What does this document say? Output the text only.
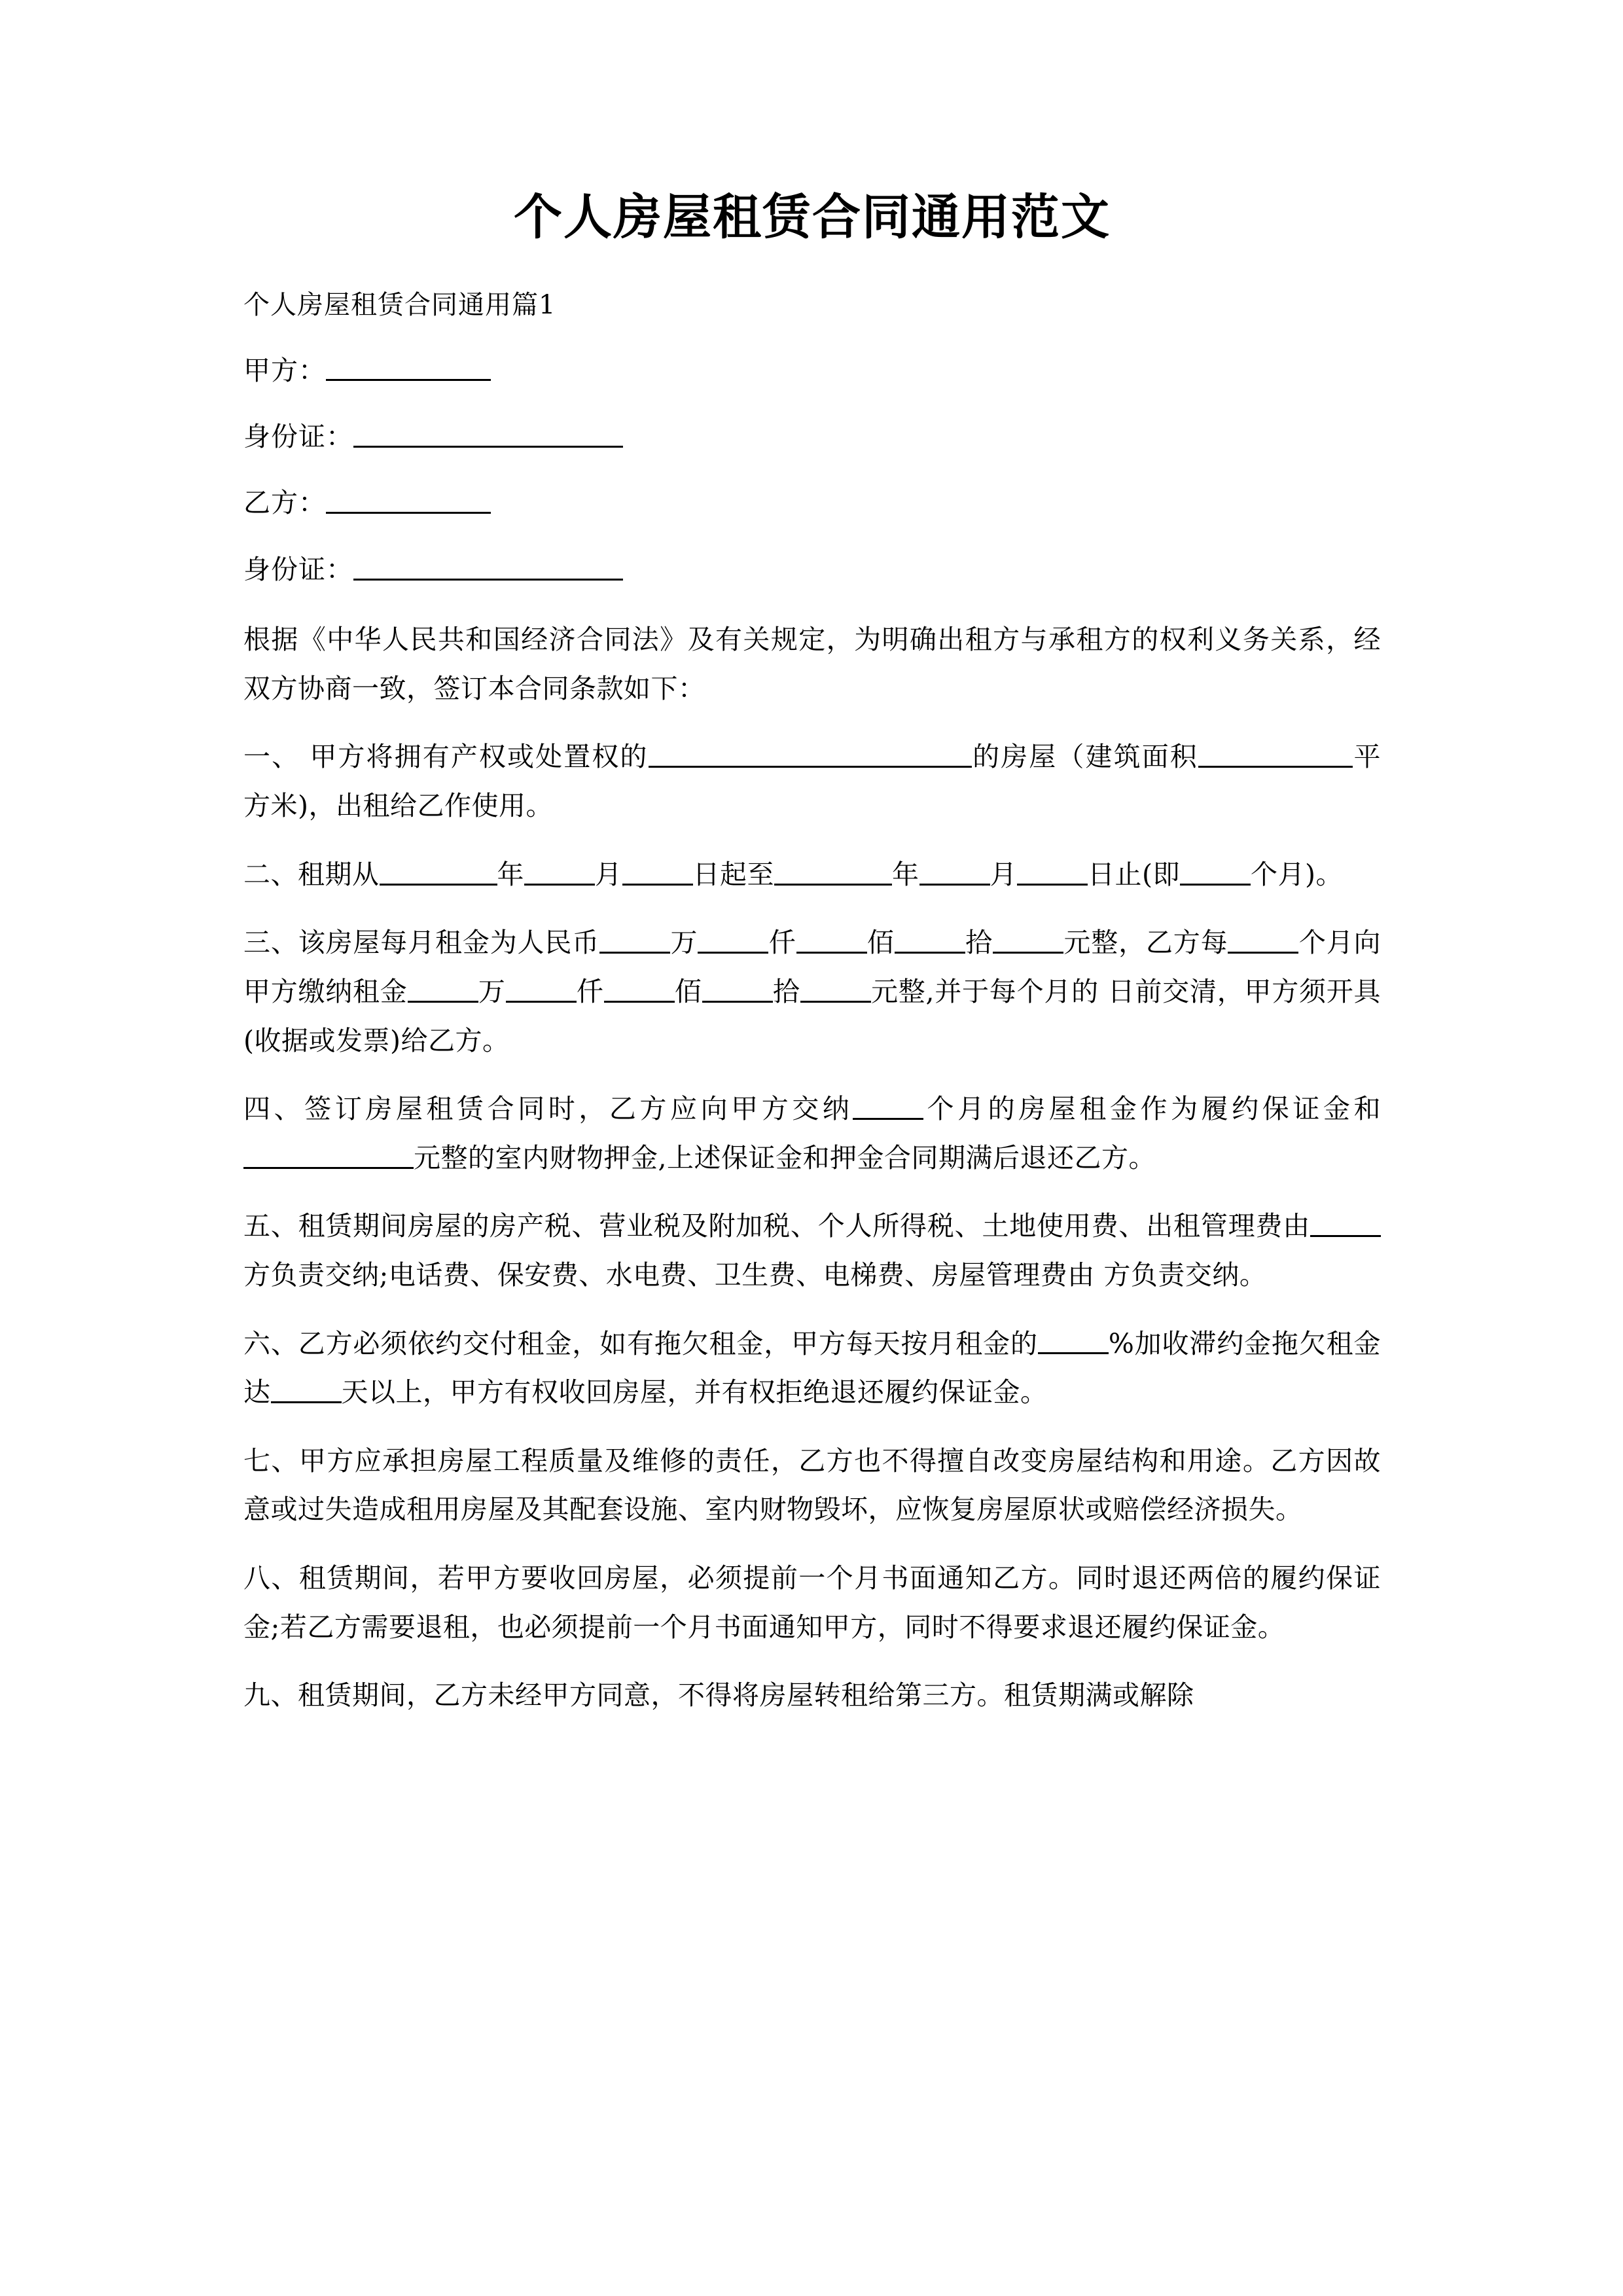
个人房屋租赁合同通用范文

个人房屋租赁合同通用篇1

甲方：

身份证：

乙方：

身份证：

根据《中华人民共和国经济合同法》及有关规定，为明确出租方与承租方的权利义务关系，经双方协商一致，签订本合同条款如下：

一、 甲方将拥有产权或处置权的	的房屋（建筑面积	平方米)，出租给乙作使用。

二、租期从	年	月	日起至	年	月	日止(即	个月)。

三、该房屋每月租金为人民币	万	仟	佰	拾	元整，乙方每	个月向甲方缴纳租金	万	仟	佰	拾	元整,并于每个月的 日前交清，甲方须开具(收据或发票)给乙方。

四、签订房屋租赁合同时，乙方应向甲方交纳	个月的房屋租金作为履约保证金和元整的室内财物押金,上述保证金和押金合同期满后退还乙方。

五、租赁期间房屋的房产税、营业税及附加税、个人所得税、土地使用费、出租管理费由方负责交纳;电话费、保安费、水电费、卫生费、电梯费、房屋管理费由 方负责交纳。

六、乙方必须依约交付租金，如有拖欠租金，甲方每天按月租金的	%加收滞约金拖欠租金达	天以上，甲方有权收回房屋，并有权拒绝退还履约保证金。

七、甲方应承担房屋工程质量及维修的责任，乙方也不得擅自改变房屋结构和用途。乙方因故意或过失造成租用房屋及其配套设施、室内财物毁坏，应恢复房屋原状或赔偿经济损失。

八、租赁期间，若甲方要收回房屋，必须提前一个月书面通知乙方。同时退还两倍的履约保证金;若乙方需要退租，也必须提前一个月书面通知甲方，同时不得要求退还履约保证金。

九、租赁期间，乙方未经甲方同意，不得将房屋转租给第三方。租赁期满或解除
